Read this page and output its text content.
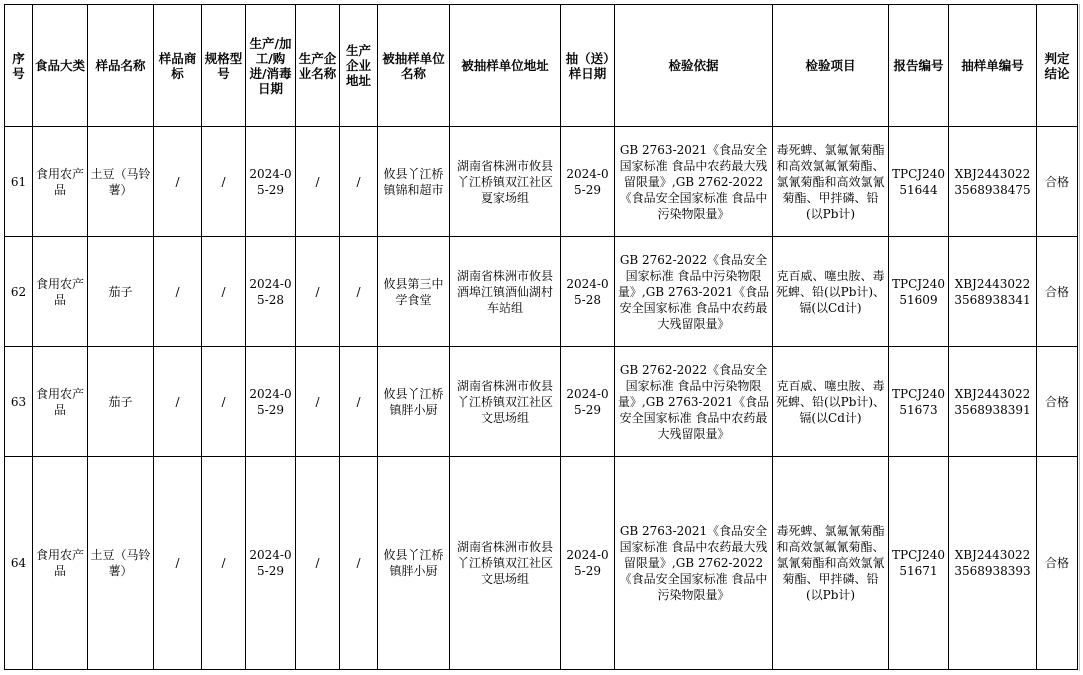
序号	食品大类	样品名称	样品商标	规格型号	生产/加工/购进/消毒日期	生产企业名称	生产企业地址	被抽样单位名称	被抽样单位地址	抽（送）样日期	检验依据	检验项目	报告编号	抽样单编号	判定结论
61	食用农产品	土豆（马铃薯）	/	/	2024-05-29	/	/	攸县丫江桥镇锦和超市	湖南省株洲市攸县丫江桥镇双江社区夏家场组	2024-05-29	GB 2763-2021《食品安全国家标准 食品中农药最大残留限量》,GB 2762-2022《食品安全国家标准 食品中污染物限量》	毒死蜱、氯氟氰菊酯和高效氯氟氰菊酯、氯氰菊酯和高效氯氰菊酯、甲拌磷、铅(以Pb计)	TPCJ24051644	XBJ24430223568938475	合格
62	食用农产品	茄子	/	/	2024-05-28	/	/	攸县第三中学食堂	湖南省株洲市攸县酒埠江镇酒仙湖村车站组	2024-05-28	GB 2762-2022《食品安全国家标准 食品中污染物限量》,GB 2763-2021《食品安全国家标准 食品中农药最大残留限量》	克百威、噻虫胺、毒死蜱、铅(以Pb计)、镉(以Cd计)	TPCJ24051609	XBJ24430223568938341	合格
63	食用农产品	茄子	/	/	2024-05-29	/	/	攸县丫江桥镇胖小厨	湖南省株洲市攸县丫江桥镇双江社区文思场组	2024-05-29	GB 2762-2022《食品安全国家标准 食品中污染物限量》,GB 2763-2021《食品安全国家标准 食品中农药最大残留限量》	克百威、噻虫胺、毒死蜱、铅(以Pb计)、镉(以Cd计)	TPCJ24051673	XBJ24430223568938391	合格
64	食用农产品	土豆（马铃薯）	/	/	2024-05-29	/	/	攸县丫江桥镇胖小厨	湖南省株洲市攸县丫江桥镇双江社区文思场组	2024-05-29	GB 2763-2021《食品安全国家标准 食品中农药最大残留限量》,GB 2762-2022《食品安全国家标准 食品中污染物限量》	毒死蜱、氯氟氰菊酯和高效氯氟氰菊酯、氯氰菊酯和高效氯氰菊酯、甲拌磷、铅(以Pb计)	TPCJ24051671	XBJ24430223568938393	合格
